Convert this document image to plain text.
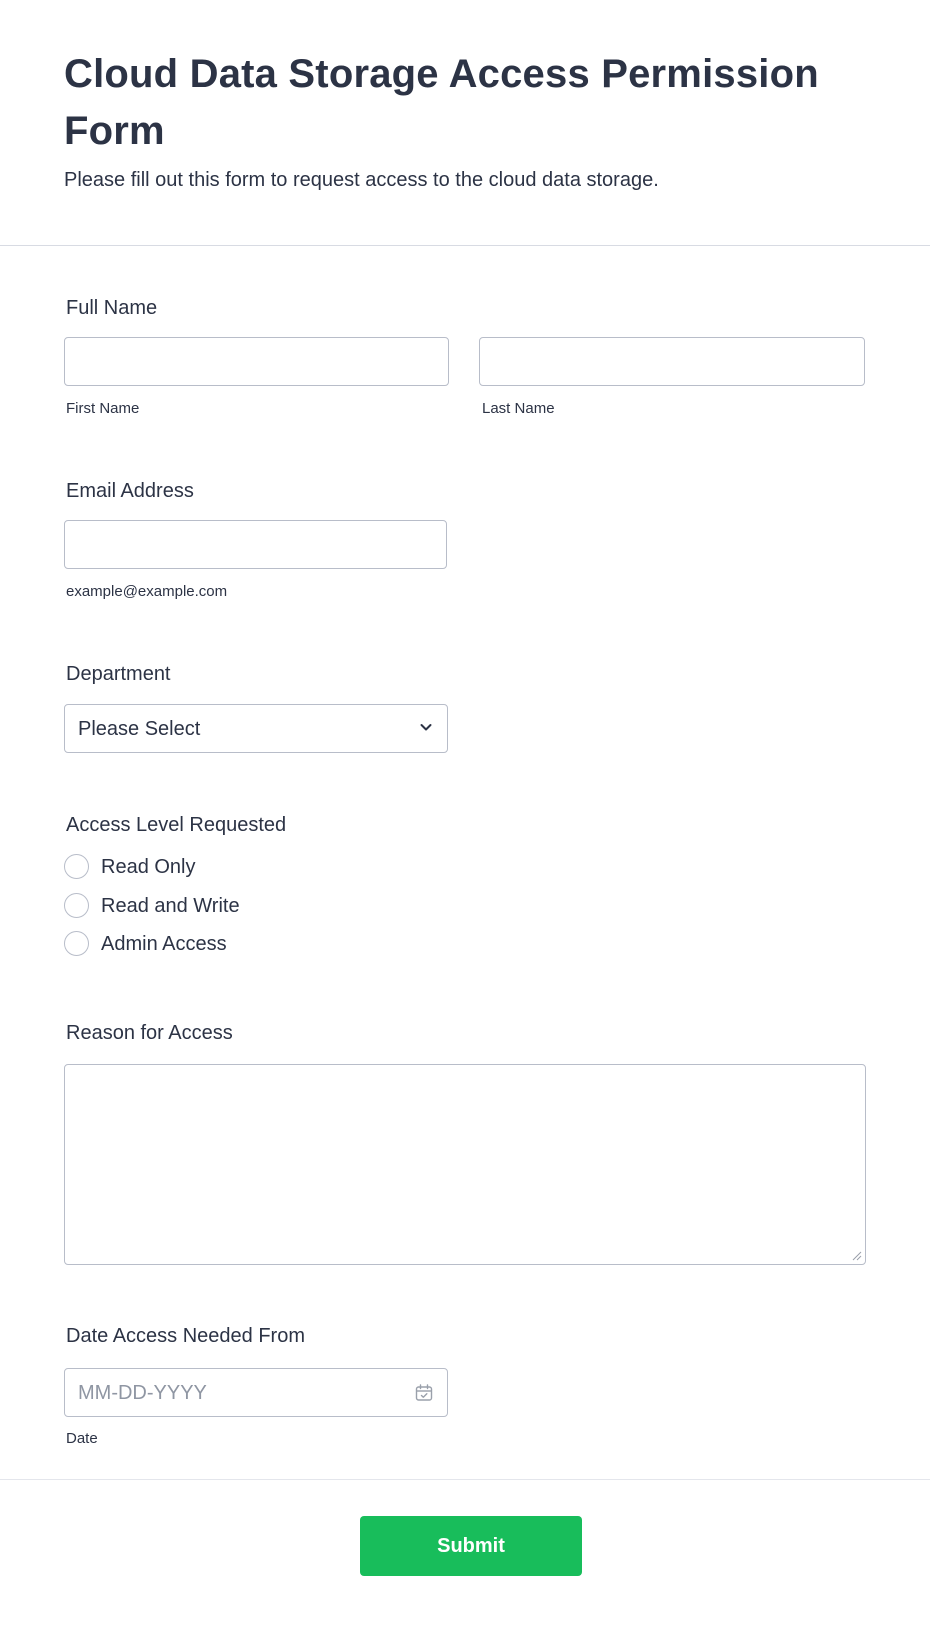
Cloud Data Storage Access Permission Form

Please fill out this form to request access to the cloud data storage.

Full Name
First Name	Last Name
Email Address
example@example.com
Department
Please Select
Access Level Requested
Read Only
Read and Write
Admin Access
Reason for Access
Date Access Needed From
MM-DD-YYYY
Date
Submit
